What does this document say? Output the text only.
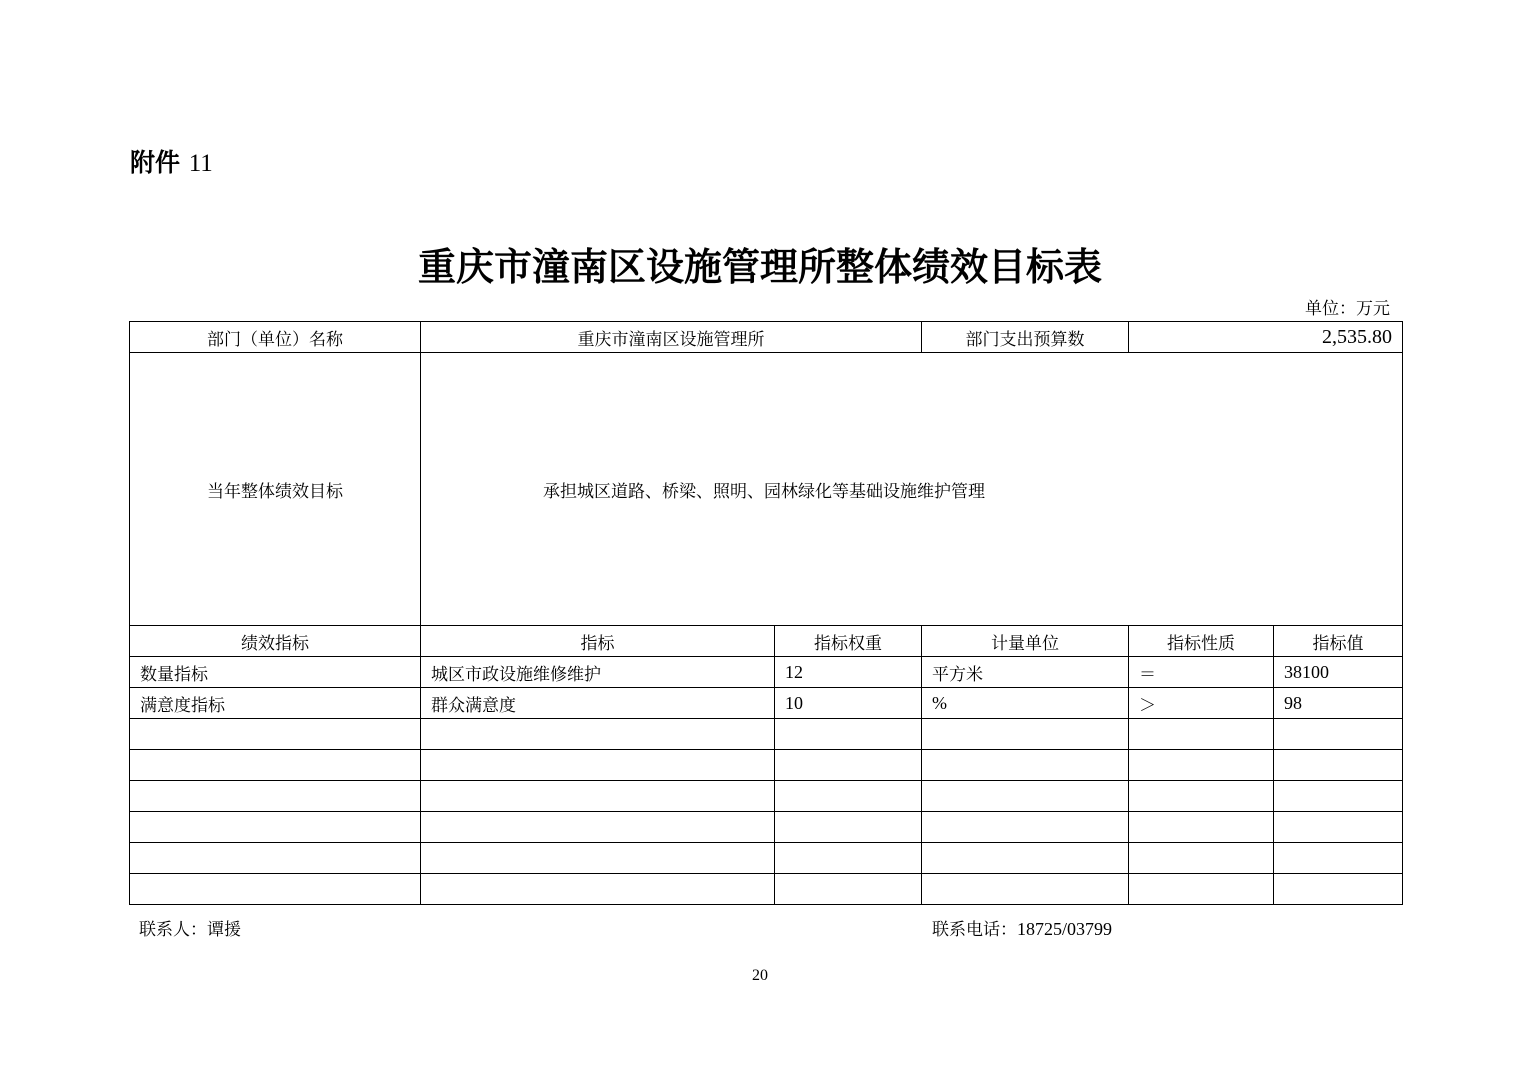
附件 11
重庆市潼南区设施管理所整体绩效目标表
单位：万元
部门（单位）名称	重庆市潼南区设施管理所		部门支出预算数	2,535.80	
当年整体绩效目标	承担城区道路、桥梁、照明、园林绿化等基础设施维护管理				
绩效指标	指标	指标权重	计量单位	指标性质	指标值
数量指标	城区市政设施维修维护	12	平方米	＝	38100
满意度指标	群众满意度	10	%	＞	98

联系人：谭援	联系电话：18725/03799
20
